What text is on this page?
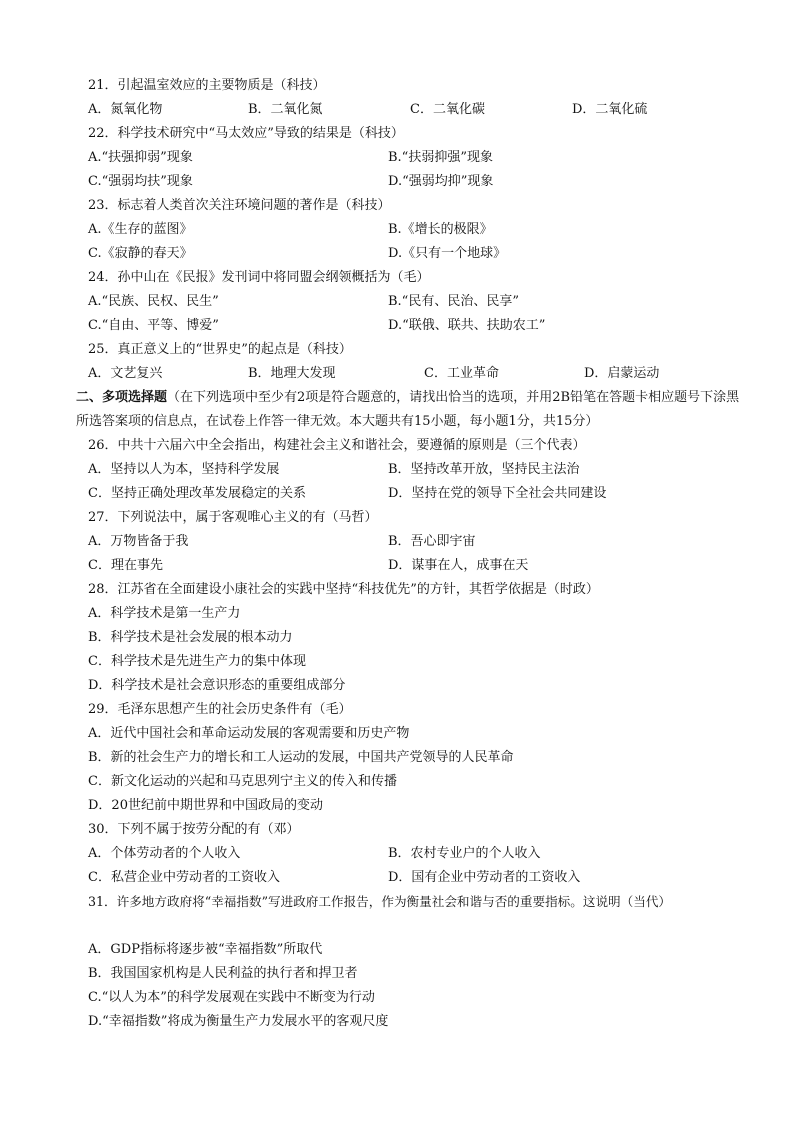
21．引起温室效应的主要物质是（科技）
A．氮氧化物	B．二氧化氮	C．二氧化碳	D．二氧化硫
22．科学技术研究中“马太效应”导致的结果是（科技）
A.“扶强抑弱”现象	B.“扶弱抑强”现象
C.“强弱均扶”现象	D.“强弱均抑”现象
23．标志着人类首次关注环境问题的著作是（科技）
A.《生存的蓝图》	B.《增长的极限》
C.《寂静的春天》	D.《只有一个地球》
24．孙中山在《民报》发刊词中将同盟会纲领概括为（毛）
A.“民族、民权、民生”	B.“民有、民治、民享”
C.“自由、平等、博爱”	D.“联俄、联共、扶助农工”
25．真正意义上的“世界史”的起点是（科技）
A．文艺复兴	B．地理大发现	C．工业革命	D．启蒙运动
二、多项选择题（在下列选项中至少有2项是符合题意的，请找出恰当的选项，并用2B铅笔在答题卡相应题号下涂黑所选答案项的信息点，在试卷上作答一律无效。本大题共有15小题，每小题1分，共15分）
26．中共十六届六中全会指出，构建社会主义和谐社会，要遵循的原则是（三个代表）
A．坚持以人为本，坚持科学发展	B．坚持改革开放，坚持民主法治
C．坚持正确处理改革发展稳定的关系	D．坚持在党的领导下全社会共同建设
27．下列说法中，属于客观唯心主义的有（马哲）
A．万物皆备于我	B．吾心即宇宙
C．理在事先	D．谋事在人，成事在天
28．江苏省在全面建设小康社会的实践中坚持“科技优先”的方针，其哲学依据是（时政）
A．科学技术是第一生产力
B．科学技术是社会发展的根本动力
C．科学技术是先进生产力的集中体现
D．科学技术是社会意识形态的重要组成部分
29．毛泽东思想产生的社会历史条件有（毛）
A．近代中国社会和革命运动发展的客观需要和历史产物
B．新的社会生产力的增长和工人运动的发展，中国共产党领导的人民革命
C．新文化运动的兴起和马克思列宁主义的传入和传播
D．20世纪前中期世界和中国政局的变动
30．下列不属于按劳分配的有（邓）
A．个体劳动者的个人收入	B．农村专业户的个人收入
C．私营企业中劳动者的工资收入	D．国有企业中劳动者的工资收入
31．许多地方政府将“幸福指数”写进政府工作报告，作为衡量社会和谐与否的重要指标。这说明（当代）
A．GDP指标将逐步被“幸福指数”所取代
B．我国国家机构是人民利益的执行者和捍卫者
C.“以人为本”的科学发展观在实践中不断变为行动
D.“幸福指数”将成为衡量生产力发展水平的客观尺度
